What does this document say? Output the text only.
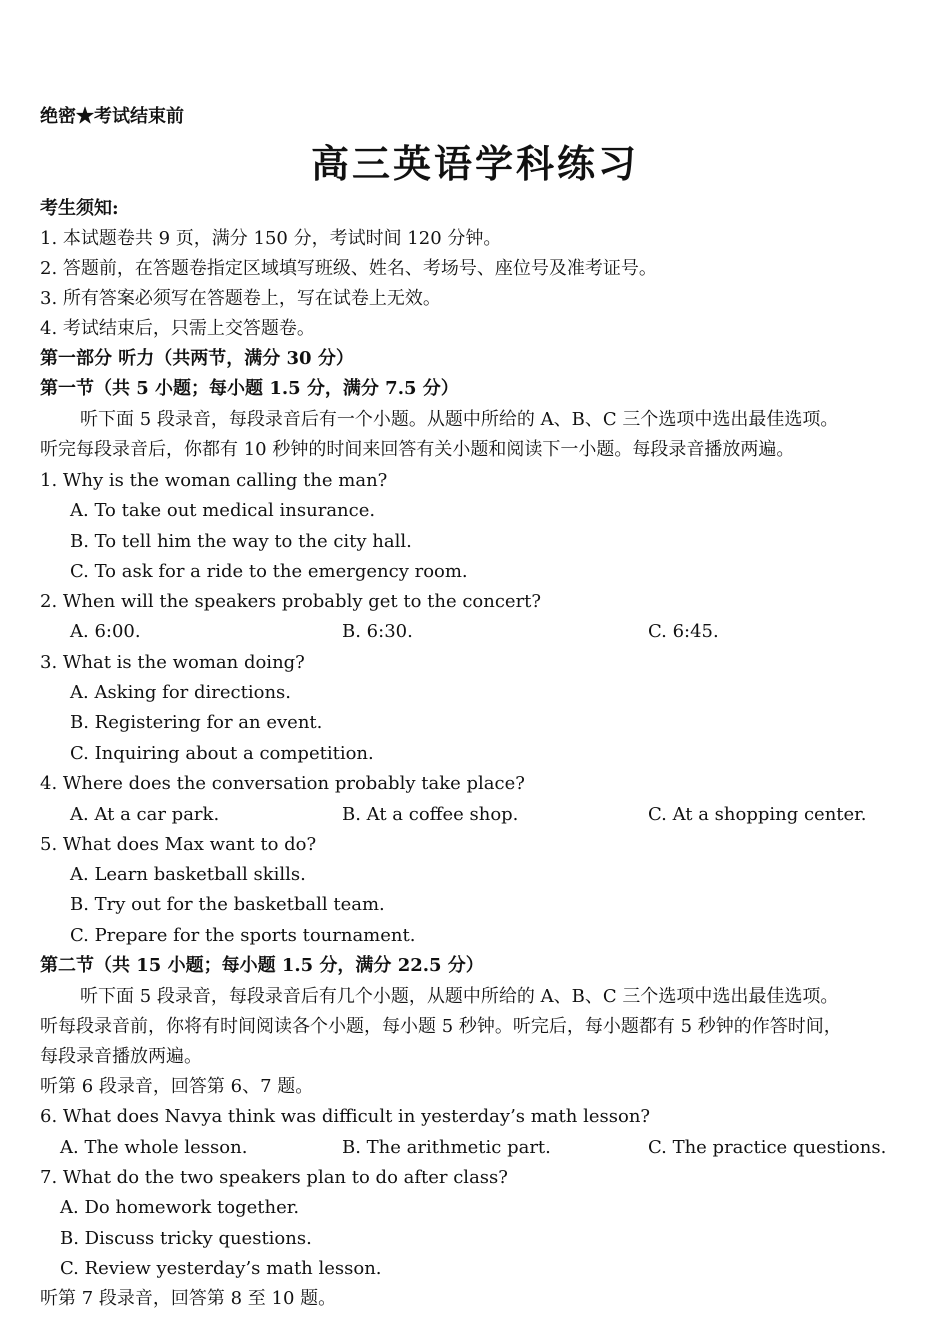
绝密★考试结束前
高三英语学科练习
考生须知:
1. 本试题卷共 9 页，满分 150 分，考试时间 120 分钟。
2. 答题前，在答题卷指定区域填写班级、姓名、考场号、座位号及准考证号。
3. 所有答案必须写在答题卷上，写在试卷上无效。
4. 考试结束后，只需上交答题卷。
第一部分 听力（共两节，满分 30 分）
第一节（共 5 小题；每小题 1.5 分，满分 7.5 分）

听下面 5 段录音，每段录音后有一个小题。从题中所给的 A、B、C 三个选项中选出最佳选项。

听完每段录音后，你都有 10 秒钟的时间来回答有关小题和阅读下一小题。每段录音播放两遍。

1. Why is the woman calling the man?
A. To take out medical insurance.
B. To tell him the way to the city hall.
C. To ask for a ride to the emergency room.
2. When will the speakers probably get to the concert?
A. 6:00.	B. 6:30.	C. 6:45.
3. What is the woman doing?
A. Asking for directions.
B. Registering for an event.
C. Inquiring about a competition.
4. Where does the conversation probably take place?
A. At a car park.	B. At a coffee shop.	C. At a shopping center.
5. What does Max want to do?
A. Learn basketball skills.
B. Try out for the basketball team.
C. Prepare for the sports tournament.
第二节（共 15 小题；每小题 1.5 分，满分 22.5 分）

听下面 5 段录音，每段录音后有几个小题，从题中所给的 A、B、C 三个选项中选出最佳选项。

听每段录音前，你将有时间阅读各个小题，每小题 5 秒钟。听完后，每小题都有 5 秒钟的作答时间，

每段录音播放两遍。

听第 6 段录音，回答第 6、7 题。
6. What does Navya think was difficult in yesterday’s math lesson?
A. The whole lesson.	B. The arithmetic part.	C. The practice questions.
7. What do the two speakers plan to do after class?
A. Do homework together.
B. Discuss tricky questions.
C. Review yesterday’s math lesson.
听第 7 段录音，回答第 8 至 10 题。
